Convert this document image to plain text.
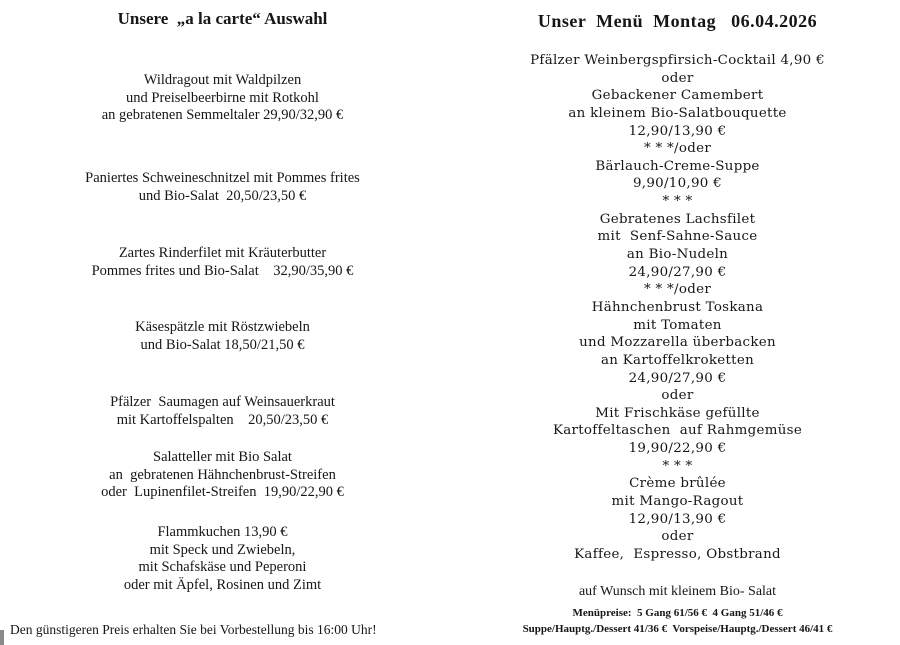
Unsere  „a la carte“ Auswahl
Wildragout mit Waldpilzen
und Preiselbeerbirne mit Rotkohl
an gebratenen Semmeltaler 29,90/32,90 €
Paniertes Schweineschnitzel mit Pommes frites
und Bio-Salat  20,50/23,50 €
Zartes Rinderfilet mit Kräuterbutter
Pommes frites und Bio-Salat    32,90/35,90 €
Käsespätzle mit Röstzwiebeln
und Bio-Salat 18,50/21,50 €
Pfälzer  Saumagen auf Weinsauerkraut
mit Kartoffelspalten    20,50/23,50 €
Salatteller mit Bio Salat
an  gebratenen Hähnchenbrust-Streifen
oder  Lupinenfilet-Streifen  19,90/22,90 €
Flammkuchen 13,90 €
mit Speck und Zwiebeln,
mit Schafskäse und Peperoni
oder mit Äpfel, Rosinen und Zimt
Den günstigeren Preis erhalten Sie bei Vorbestellung bis 16:00 Uhr!
Unser  Menü  Montag   06.04.2026
Pfälzer Weinbergspfirsich-Cocktail 4,90 €
oder
Gebackener Camembert
an kleinem Bio-Salatbouquette
12,90/13,90 €
* * */oder
Bärlauch-Creme-Suppe
9,90/10,90 €
* * *
Gebratenes Lachsfilet
mit  Senf-Sahne-Sauce
an Bio-Nudeln
24,90/27,90 €
* * */oder
Hähnchenbrust Toskana
mit Tomaten
und Mozzarella überbacken
an Kartoffelkroketten
24,90/27,90 €
oder
Mit Frischkäse gefüllte
Kartoffeltaschen  auf Rahmgemüse
19,90/22,90 €
* * *
Crème brûlée
mit Mango-Ragout
12,90/13,90 €
oder
Kaffee,  Espresso, Obstbrand
auf Wunsch mit kleinem Bio- Salat
Menüpreise:  5 Gang 61/56 €  4 Gang 51/46 €
Suppe/Hauptg./Dessert 41/36 €  Vorspeise/Hauptg./Dessert 46/41 €
